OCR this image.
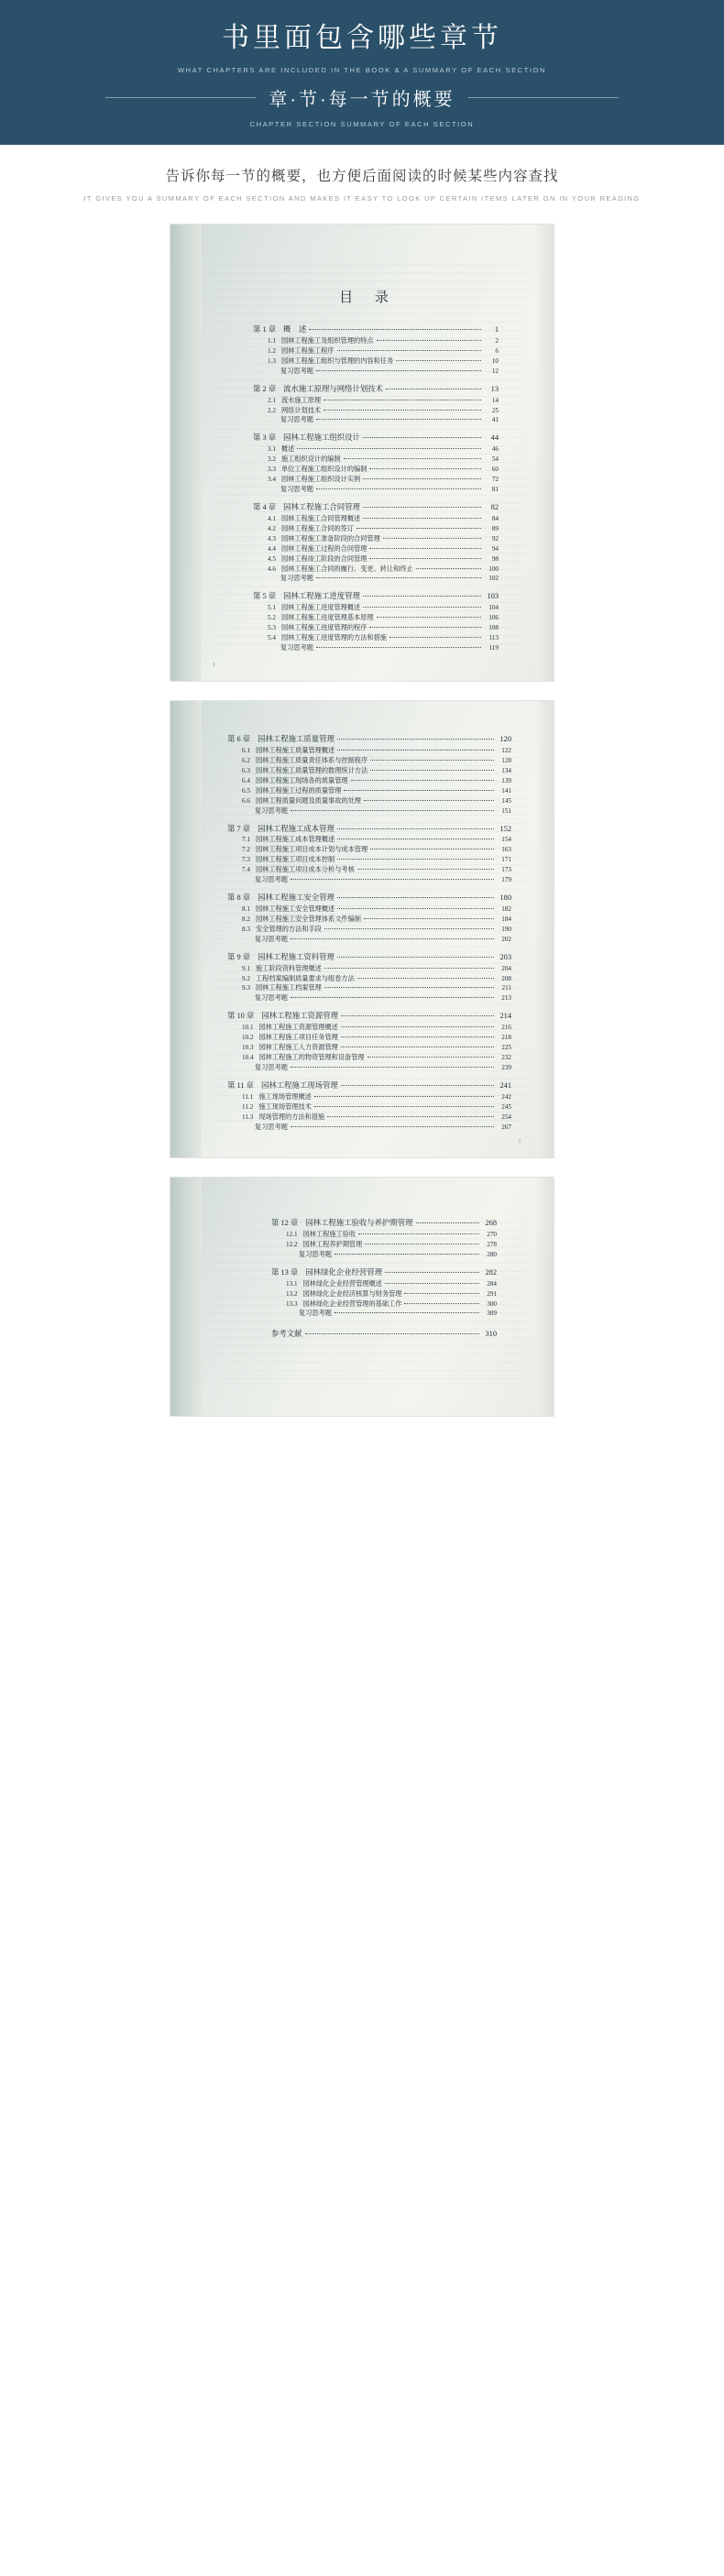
书里面包含哪些章节
WHAT CHAPTERS ARE INCLUDED IN THE BOOK & A SUMMARY OF EACH SECTION
章·节·每一节的概要
CHAPTER SECTION SUMMARY OF EACH SECTION
告诉你每一节的概要，也方便后面阅读的时候某些内容查找
IT GIVES YOU A SUMMARY OF EACH SECTION AND MAKES IT EASY TO LOOK UP CERTAIN ITEMS LATER ON IN YOUR READING
目 录
第 1 章 概　述	1
1.1 园林工程施工及组织管理的特点	2
1.2 园林工程施工程序	6
1.3 园林工程施工组织与管理的内容和任务	10
复习思考题	12
第 2 章 流水施工原理与网络计划技术	13
2.1 流水施工原理	14
2.2 网络计划技术	25
复习思考题	41
第 3 章 园林工程施工组织设计	44
3.1 概述	46
3.2 施工组织设计的编制	54
3.3 单位工程施工组织设计的编制	60
3.4 园林工程施工组织设计实例	72
复习思考题	81
第 4 章 园林工程施工合同管理	82
4.1 园林工程施工合同管理概述	84
4.2 园林工程施工合同的签订	89
4.3 园林工程施工准备阶段的合同管理	92
4.4 园林工程施工过程的合同管理	94
4.5 园林工程竣工阶段的合同管理	98
4.6 园林工程施工合同的履行、变更、转让和终止	100
复习思考题	102
第 5 章 园林工程施工进度管理	103
5.1 园林工程施工进度管理概述	104
5.2 园林工程施工进度管理基本原理	106
5.3 园林工程施工进度管理的程序	108
5.4 园林工程施工进度管理的方法和措施	113
复习思考题	119
1
第 6 章 园林工程施工质量管理	120
6.1 园林工程施工质量管理概述	122
6.2 园林工程施工质量责任体系与控制程序	128
6.3 园林工程施工质量管理的数理统计方法	134
6.4 园林工程施工现场各的质量管理	139
6.5 园林工程施工过程的质量管理	141
6.6 园林工程质量问题及质量事故的处理	145
复习思考题	151
第 7 章 园林工程施工成本管理	152
7.1 园林工程施工成本管理概述	154
7.2 园林工程施工项目成本计划与成本管理	163
7.3 园林工程施工项目成本控制	171
7.4 园林工程施工项目成本分析与考核	173
复习思考题	179
第 8 章 园林工程施工安全管理	180
8.1 园林工程施工安全管理概述	182
8.2 园林工程施工安全管理体系文件编制	184
8.3 安全管理的方法和手段	190
复习思考题	202
第 9 章 园林工程施工资料管理	203
9.1 施工阶段资料管理概述	204
9.2 工程档案编制质量要求与组卷方法	208
9.3 园林工程施工档案管理	211
复习思考题	213
第 10 章 园林工程施工资源管理	214
10.1 园林工程施工资源管理概述	216
10.2 园林工程施工项目任务管理	218
10.3 园林工程施工人力资源管理	225
10.4 园林工程施工的物资管理和设备管理	232
复习思考题	239
第 11 章 园林工程施工现场管理	241
11.1 施工现场管理概述	242
11.2 施工现场管理技术	245
11.3 现场管理的方法和措施	254
复习思考题	267
3
第 12 章 园林工程施工验收与养护期管理	268
12.1 园林工程施工验收	270
12.2 园林工程养护期管理	278
复习思考题	280
第 13 章 园林绿化企业经营管理	282
13.1 园林绿化企业经营管理概述	284
13.2 园林绿化企业经济核算与财务管理	291
13.3 园林绿化企业经营管理的基础工作	300
复习思考题	309
参考文献	310
